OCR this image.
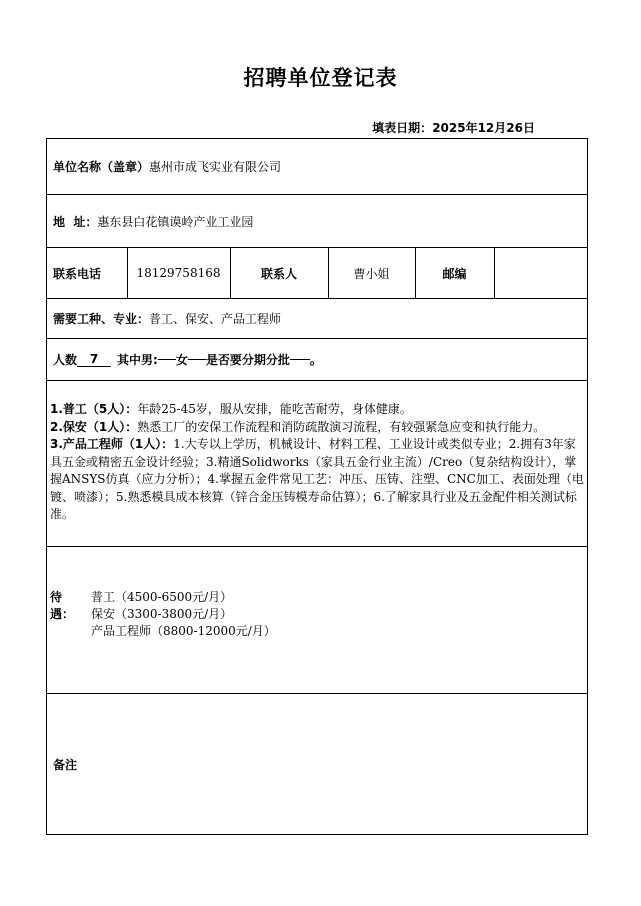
招聘单位登记表
填表日期：2025年12月26日
单位名称（盖章） 惠州市成飞实业有限公司
地  址： 惠东县白花镇谟岭产业工业园
联系电话	18129758168	联系人	曹小姐	邮编
需要工种、专业： 普工、保安、产品工程师
人数	7	其中男: 女 是否要分期分批 。

1.普工（5人）：年龄25-45岁，服从安排，能吃苦耐劳，身体健康。

2.保安（1人）：熟悉工厂的安保工作流程和消防疏散演习流程，有较强紧急应变和执行能力。

3.产品工程师（1人）：1.大专以上学历，机械设计、材料工程、工业设计或类似专业；2.拥有3年家具五金或精密五金设计经验；3.精通Solidworks（家具五金行业主流）/Creo（复杂结构设计），掌握ANSYS仿真（应力分析）；4.掌握五金件常见工艺：冲压、压铸、注塑、CNC加工、表面处理（电镀、喷漆）；5.熟悉模具成本核算（锌合金压铸模寿命估算）；6.了解家具行业及五金配件相关测试标准。

待遇：
普工（4500-6500元/月）
保安（3300-3800元/月）
产品工程师（8800-12000元/月）
备注
